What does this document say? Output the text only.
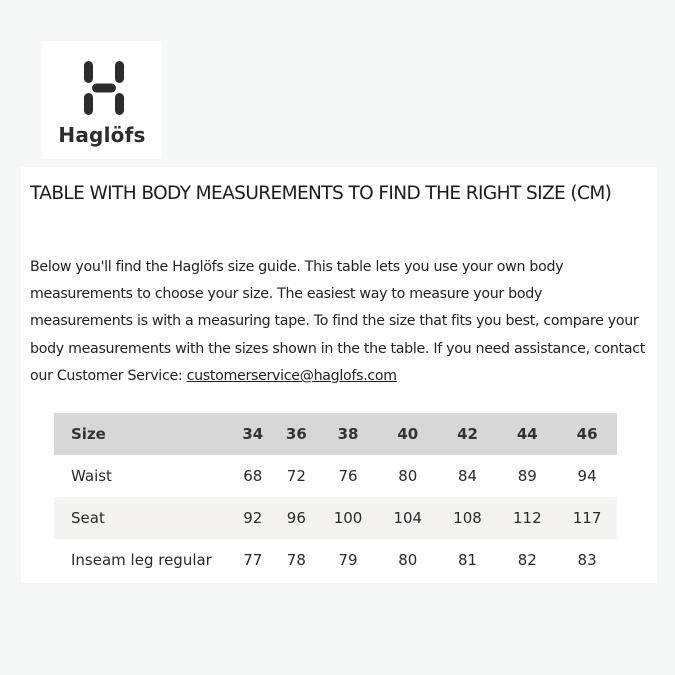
Haglöfs
TABLE WITH BODY MEASUREMENTS TO FIND THE RIGHT SIZE (CM)

Below you'll find the Haglöfs size guide. This table lets you use your own body measurements to choose your size. The easiest way to measure your body measurements is with a measuring tape. To find the size that fits you best, compare your body measurements with the sizes shown in the the table. If you need assistance, contact our Customer Service: customerservice@haglofs.com

Size	34	36	38	40	42	44	46
Waist	68	72	76	80	84	89	94
Seat	92	96	100	104	108	112	117
Inseam leg regular	77	78	79	80	81	82	83
